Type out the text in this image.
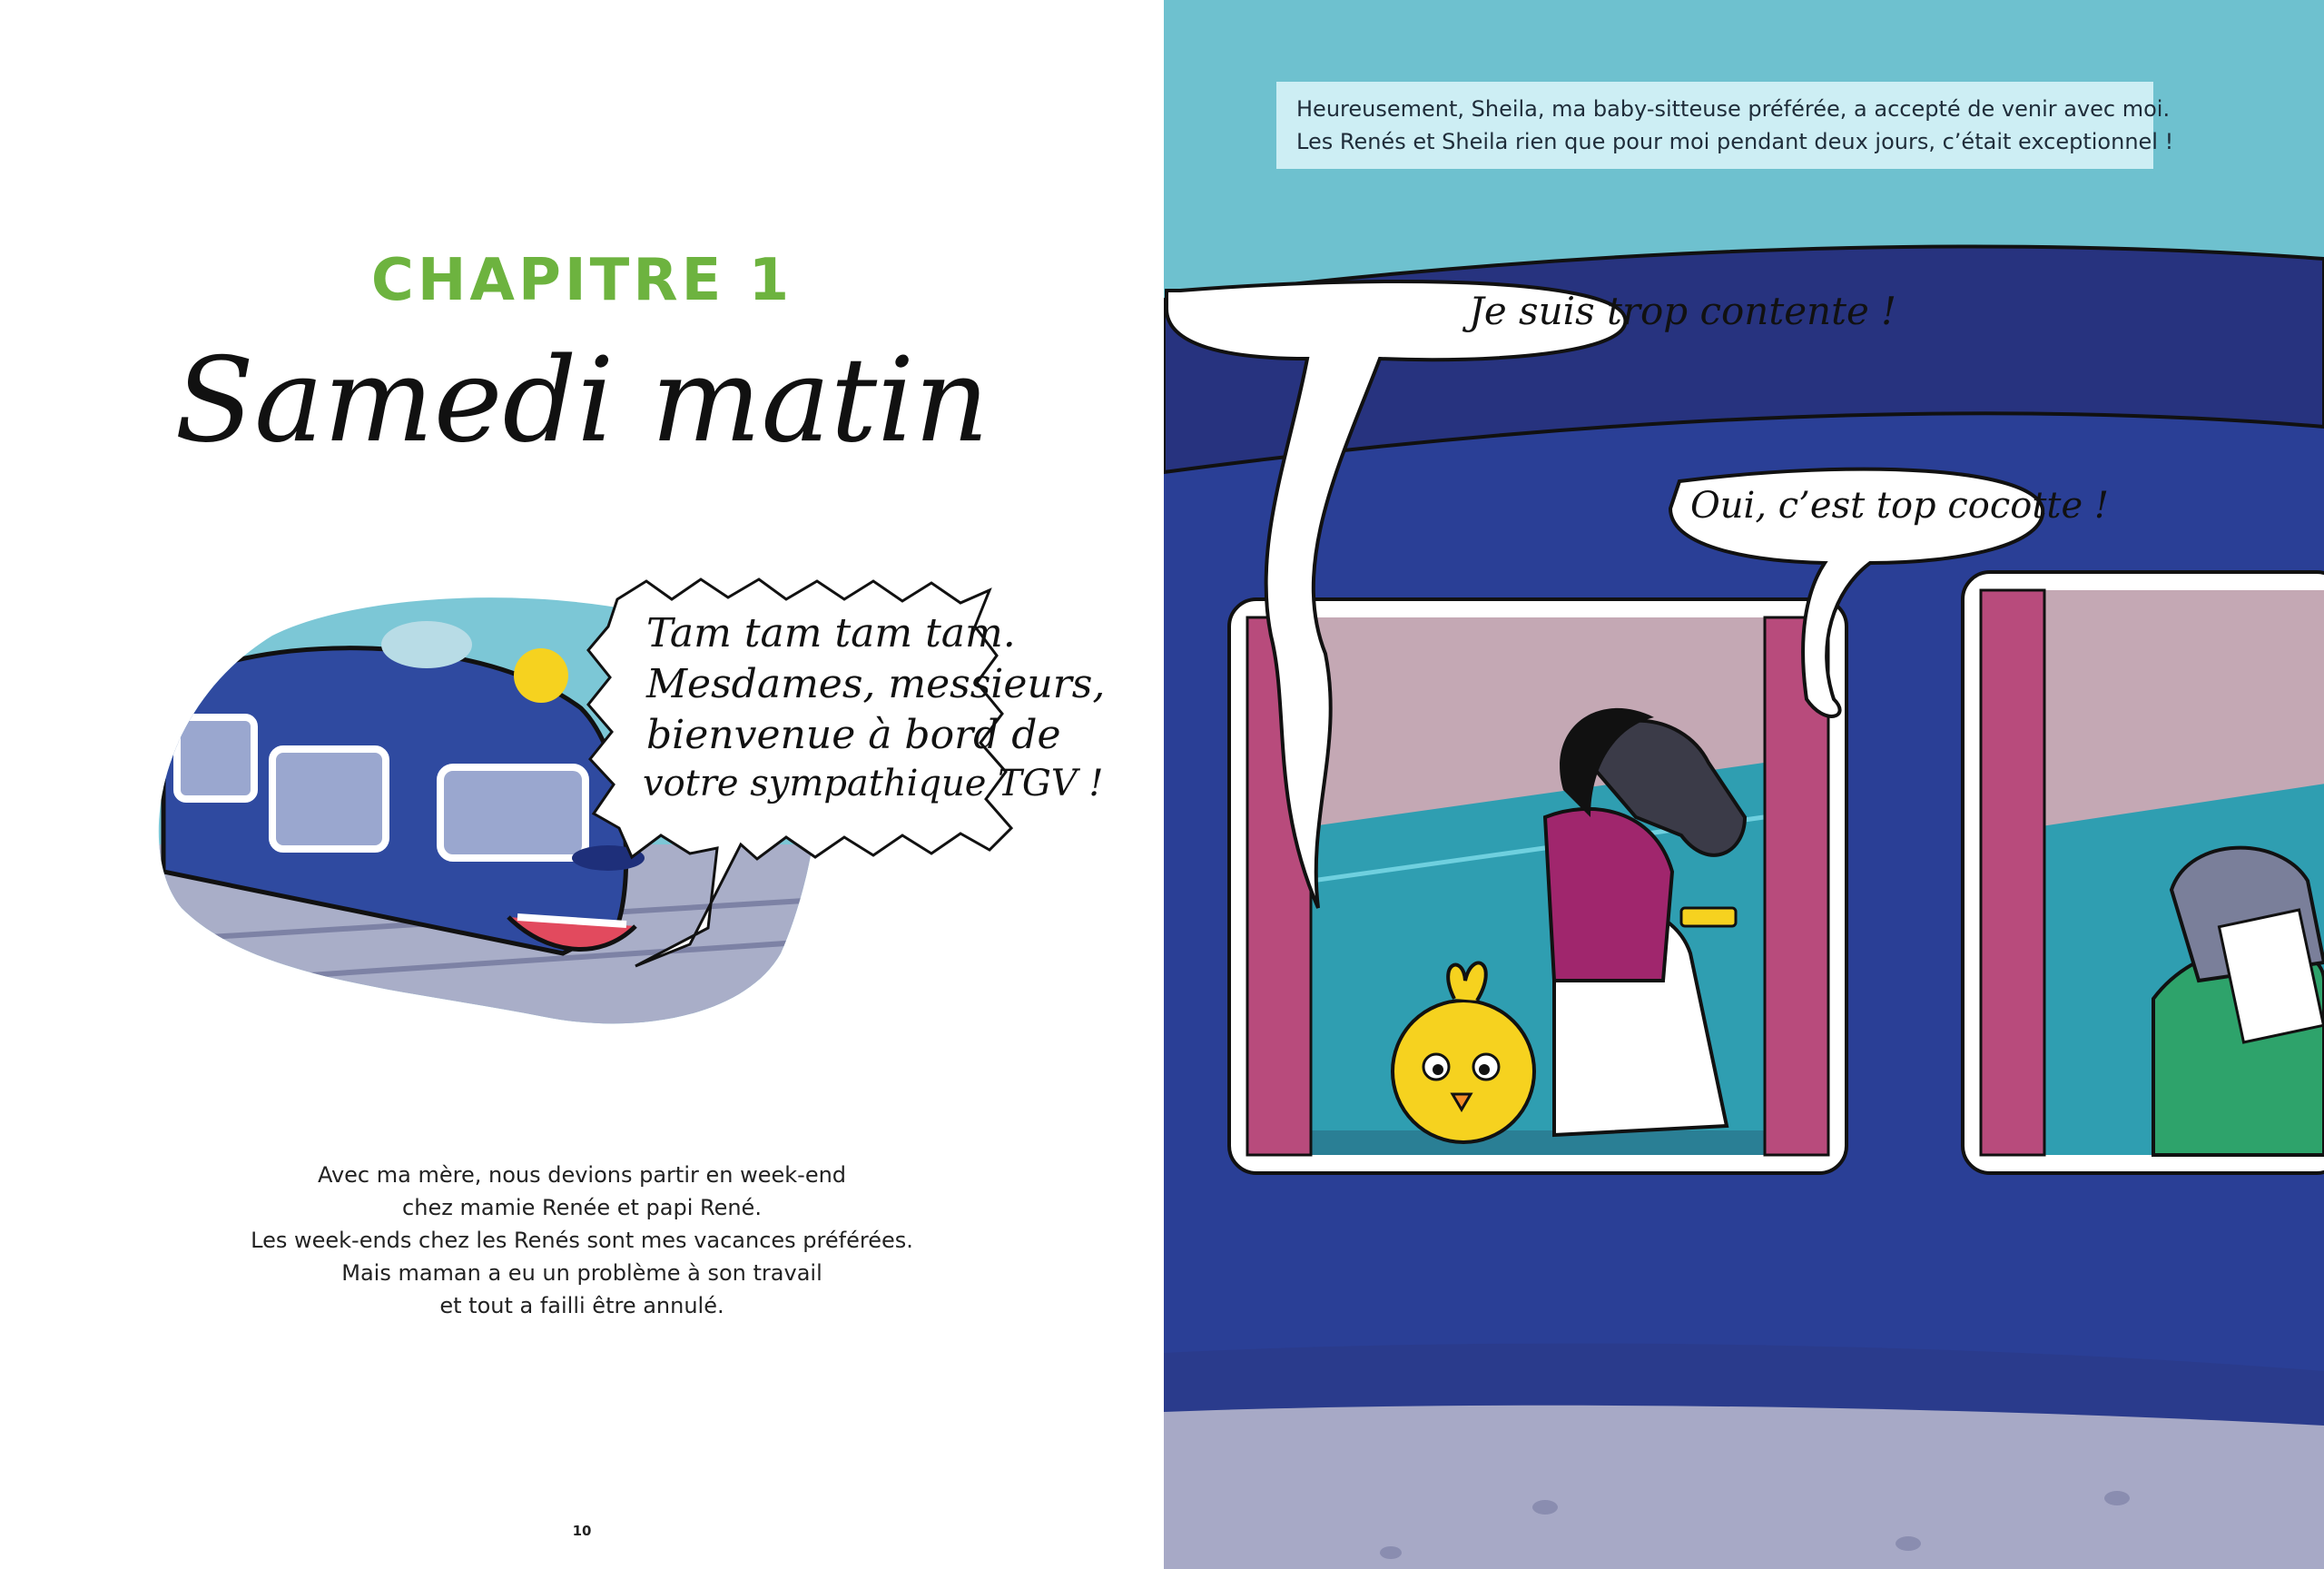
CHAPITRE 1
Samedi matin
Tam tam tam tam.
Mesdames, messieurs,
bienvenue à bord de
votre sympathique TGV !
Avec ma mère, nous devions partir en week-end
chez mamie Renée et papi René.
Les week-ends chez les Renés sont mes vacances préférées.
Mais maman a eu un problème à son travail
et tout a failli être annulé.
10
Je suis trop contente !
Oui, c’est top cocotte !
Heureusement, Sheila, ma baby-sitteuse préférée, a accepté de venir avec moi.
Les Renés et Sheila rien que pour moi pendant deux jours, c’était exceptionnel !
